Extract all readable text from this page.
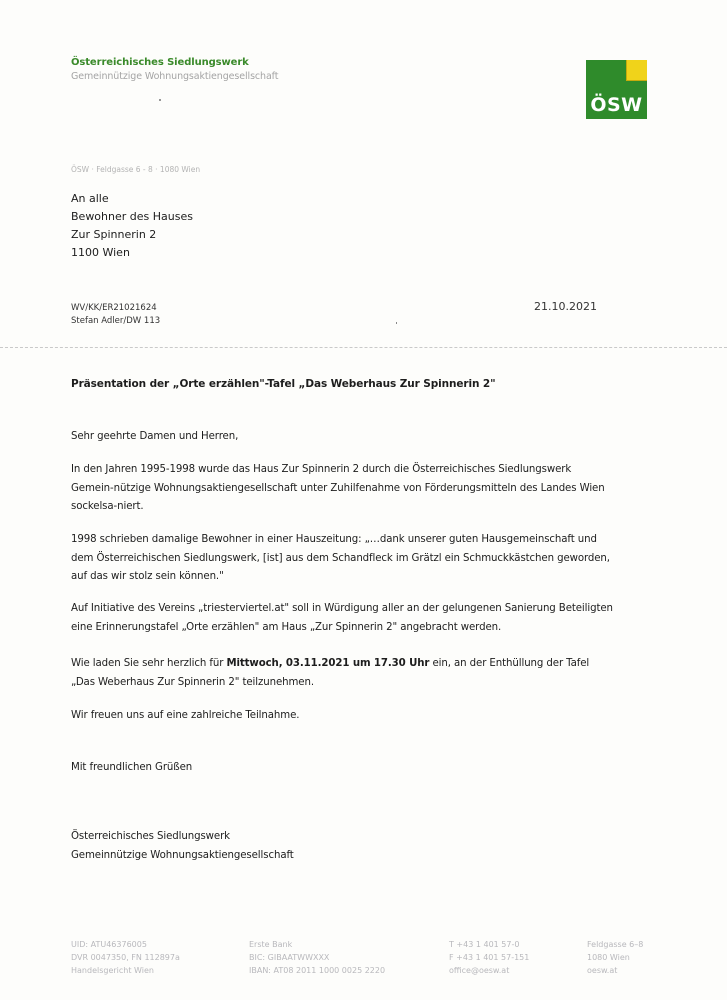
Österreichisches Siedlungswerk
Gemeinnützige Wohnungsaktiengesellschaft
ÖSW
ÖSW · Feldgasse 6 - 8 · 1080 Wien
An alle
Bewohner des Hauses
Zur Spinnerin 2
1100 Wien
WV/KK/ER21021624
Stefan Adler/DW 113
21.10.2021
Präsentation der „Orte erzählen"-Tafel „Das Weberhaus Zur Spinnerin 2"
Sehr geehrte Damen und Herren,
In den Jahren 1995-1998 wurde das Haus Zur Spinnerin 2 durch die Österreichisches Siedlungswerk Gemein-nützige Wohnungsaktiengesellschaft unter Zuhilfenahme von Förderungsmitteln des Landes Wien sockelsa-niert.
1998 schrieben damalige Bewohner in einer Hauszeitung: „…dank unserer guten Hausgemeinschaft und dem Österreichischen Siedlungswerk, [ist] aus dem Schandfleck im Grätzl ein Schmuckkästchen geworden, auf das wir stolz sein können."
Auf Initiative des Vereins „triesterviertel.at" soll in Würdigung aller an der gelungenen Sanierung Beteiligten eine Erinnerungstafel „Orte erzählen" am Haus „Zur Spinnerin 2" angebracht werden.
Wie laden Sie sehr herzlich für Mittwoch, 03.11.2021 um 17.30 Uhr ein, an der Enthüllung der Tafel „Das Weberhaus Zur Spinnerin 2" teilzunehmen.
Wir freuen uns auf eine zahlreiche Teilnahme.
Mit freundlichen Grüßen
Österreichisches Siedlungswerk
Gemeinnützige Wohnungsaktiengesellschaft
UID: ATU46376005
DVR 0047350, FN 112897a
Handelsgericht Wien
Erste Bank
BIC: GIBAATWWXXX
IBAN: AT08 2011 1000 0025 2220
T +43 1 401 57-0
F +43 1 401 57-151
office@oesw.at
Feldgasse 6–8
1080 Wien
oesw.at
